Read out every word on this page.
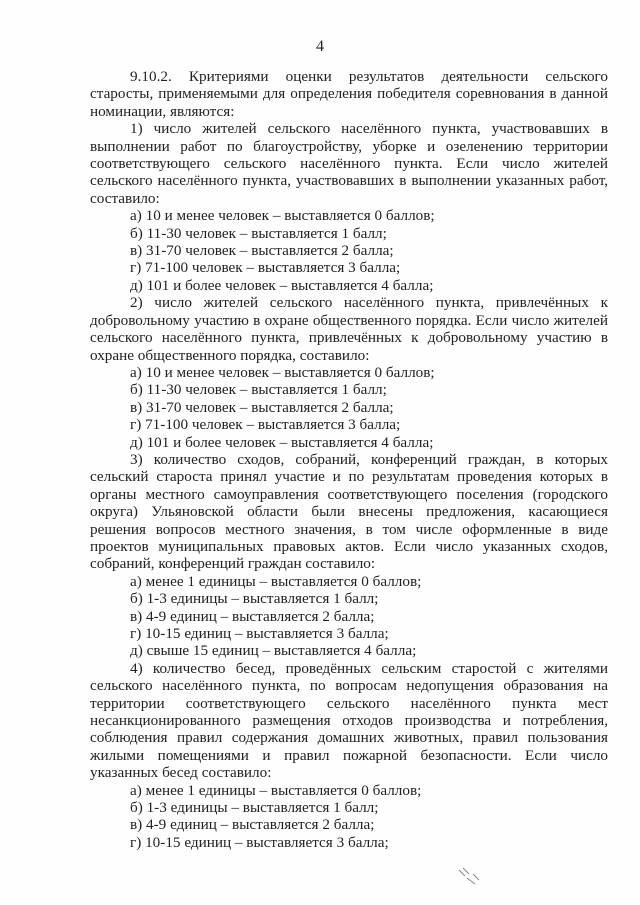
4

9.10.2. Критериями оценки результатов деятельности сельского старосты, применяемыми для определения победителя соревнования в данной номинации, являются:

1) число жителей сельского населённого пункта, участвовавших в выполнении работ по благоустройству, уборке и озеленению территории соответствующего сельского населённого пункта. Если число жителей сельского населённого пункта, участвовавших в выполнении указанных работ, составило:

а) 10 и менее человек – выставляется 0 баллов;
б) 11-30 человек – выставляется 1 балл;
в) 31-70 человек – выставляется 2 балла;
г) 71-100 человек – выставляется 3 балла;
д) 101 и более человек – выставляется 4 балла;

2) число жителей сельского населённого пункта, привлечённых к добровольному участию в охране общественного порядка. Если число жителей сельского населённого пункта, привлечённых к добровольному участию в охране общественного порядка, составило:

а) 10 и менее человек – выставляется 0 баллов;
б) 11-30 человек – выставляется 1 балл;
в) 31-70 человек – выставляется 2 балла;
г) 71-100 человек – выставляется 3 балла;
д) 101 и более человек – выставляется 4 балла;

3) количество сходов, собраний, конференций граждан, в которых сельский староста принял участие и по результатам проведения которых в органы местного самоуправления соответствующего поселения (городского округа) Ульяновской области были внесены предложения, касающиеся решения вопросов местного значения, в том числе оформленные в виде проектов муниципальных правовых актов. Если число указанных сходов, собраний, конференций граждан составило:

а) менее 1 единицы – выставляется 0 баллов;
б) 1-3 единицы – выставляется 1 балл;
в) 4-9 единиц – выставляется 2 балла;
г) 10-15 единиц – выставляется 3 балла;
д) свыше 15 единиц – выставляется 4 балла;

4) количество бесед, проведённых сельским старостой с жителями сельского населённого пункта, по вопросам недопущения образования на территории соответствующего сельского населённого пункта мест несанкционированного размещения отходов производства и потребления, соблюдения правил содержания домашних животных, правил пользования жилыми помещениями и правил пожарной безопасности. Если число указанных бесед составило:

а) менее 1 единицы – выставляется 0 баллов;
б) 1-3 единицы – выставляется 1 балл;
в) 4-9 единиц – выставляется 2 балла;
г) 10-15 единиц – выставляется 3 балла;
